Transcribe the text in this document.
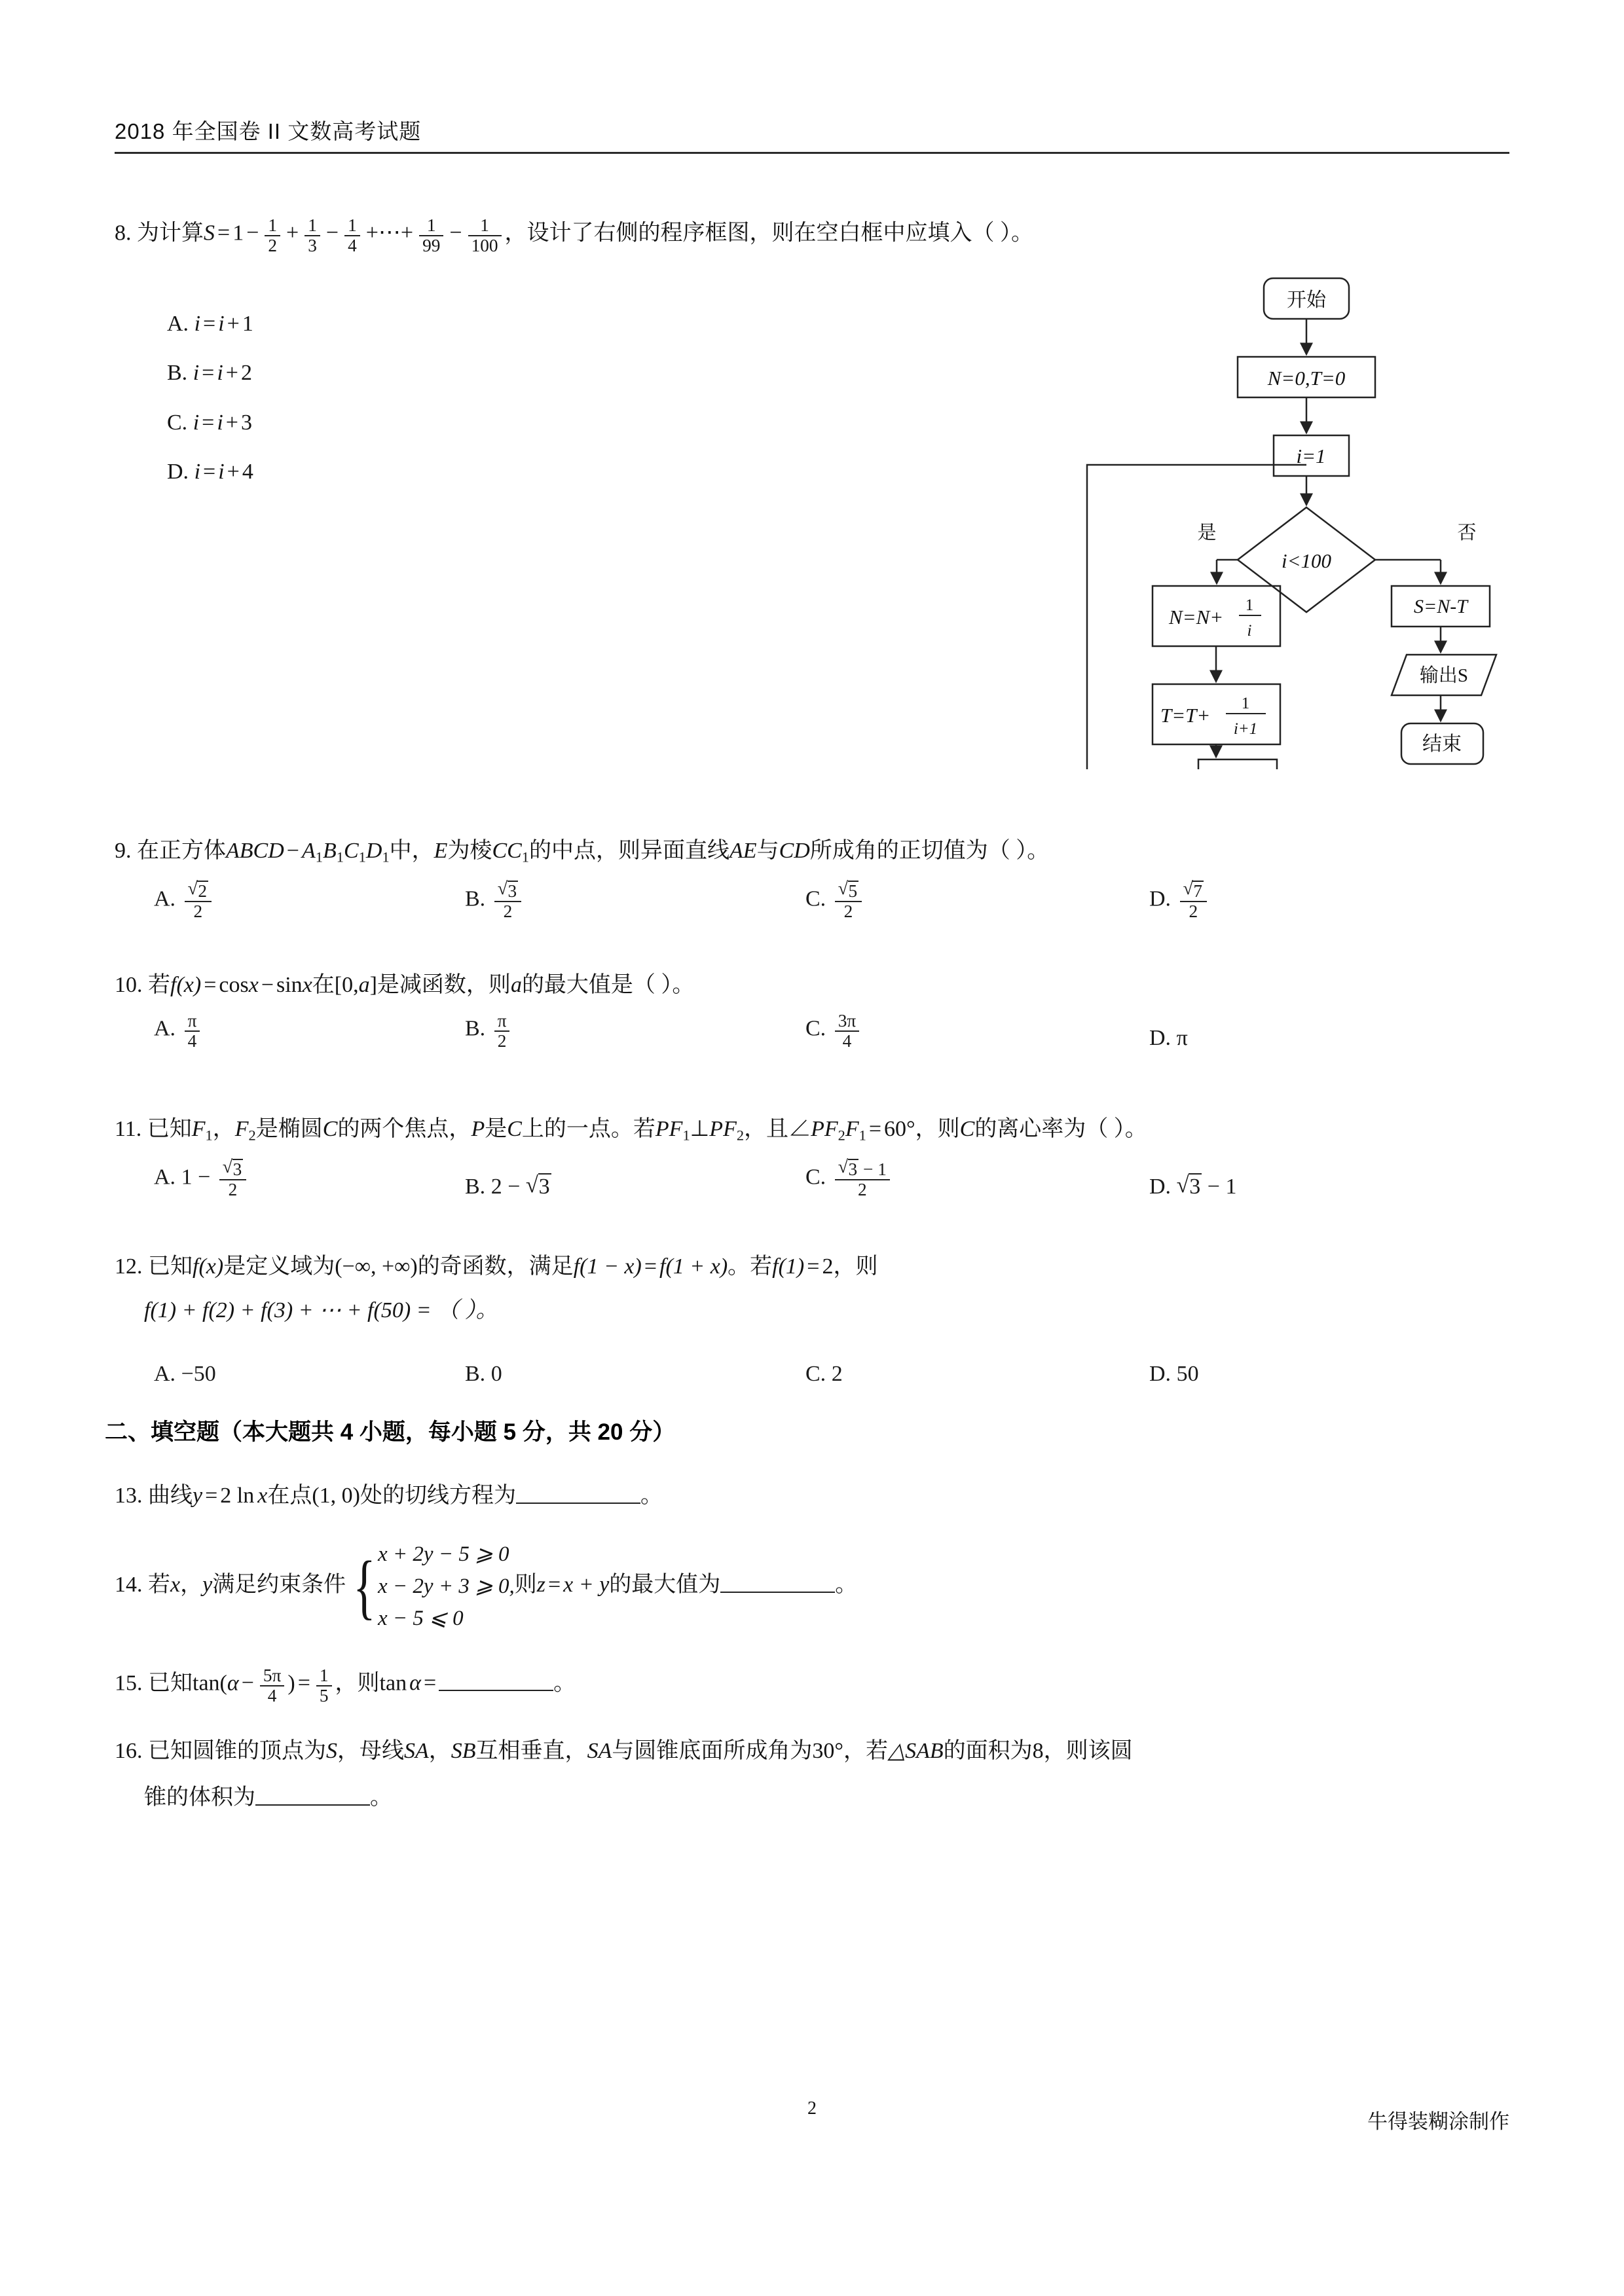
2018 年全国卷 II 文数高考试题
8. 为计算$S = 1 - \frac{1}{2} + \frac{1}{3} - \frac{1}{4}$ +⋯+ $\frac{1}{99} - \frac{1}{100}$ ，设计了右侧的程序框图，则在空白框中应填入（ ）。
A. i = i + 1
B. i = i + 2
C. i = i + 3
D. i = i + 4
开始
N=0,T=0
i=1
i<100
是	否
S=N-T
输出S
结束
N=N+
1
i
T=T+
1
i+1
9. 在正方体ABCD − $A_1B_1C_1D_1$中，E为棱$CC_1$的中点，则异面直线AE与CD所成角的正切值为（ ）。
A. √ $\frac{2}{2}$	B. √ $\frac{3}{2}$	C. √ $\frac{5}{2}$	D. √ $\frac{7}{2}$
10. 若f(x) = cosx − sinx在[0,a]是减函数，则a的最大值是（ ）。
A. $\frac{\pi}{4}$	B. $\frac{\pi}{2}$	C. $\frac{3\pi}{4}$	D. π
11. 已知$F_1$，$F_2$是椭圆C的两个焦点，P是C上的一点。若$PF_1\perp PF_2$，且$\angle PF_2F_1 = 60^\circ$，则C的离心率为（ ）。
A. 1 − √ $\frac{3}{2}$	B. 2 − √ 3	C. √ $\frac{3 - 1}{2}$	D. √ 3 − 1
12. 已知f(x)是定义域为(−∞, +∞)的奇函数，满足f(1 − x) = f(1 + x)。若f(1) = 2，则
f(1) + f(2) + f(3) + ⋯ + f(50) = （ ）。
A. −50	B. 0	C. 2	D. 50
二、填空题（本大题共 4 小题，每小题 5 分，共 20 分）
13. 曲线y = 2 ln x在点(1, 0)处的切线方程为	。
14. 若x，y满足约束条件 { x + 2y − 5 ⩾ 0
x − 2y + 3 ⩾ 0,
x − 5 ⩽ 0
则z = x + y的最大值为	。
15. 已知$\tan(\alpha - \frac{5\pi}{4}$ ) = $\frac{1}{5}$ ，则tan α =	。
16. 已知圆锥的顶点为S，母线SA，SB互相垂直，SA与圆锥底面所成角为30°，若△SAB的面积为8，则该圆
锥的体积为	。
2
牛得装糊涂制作
